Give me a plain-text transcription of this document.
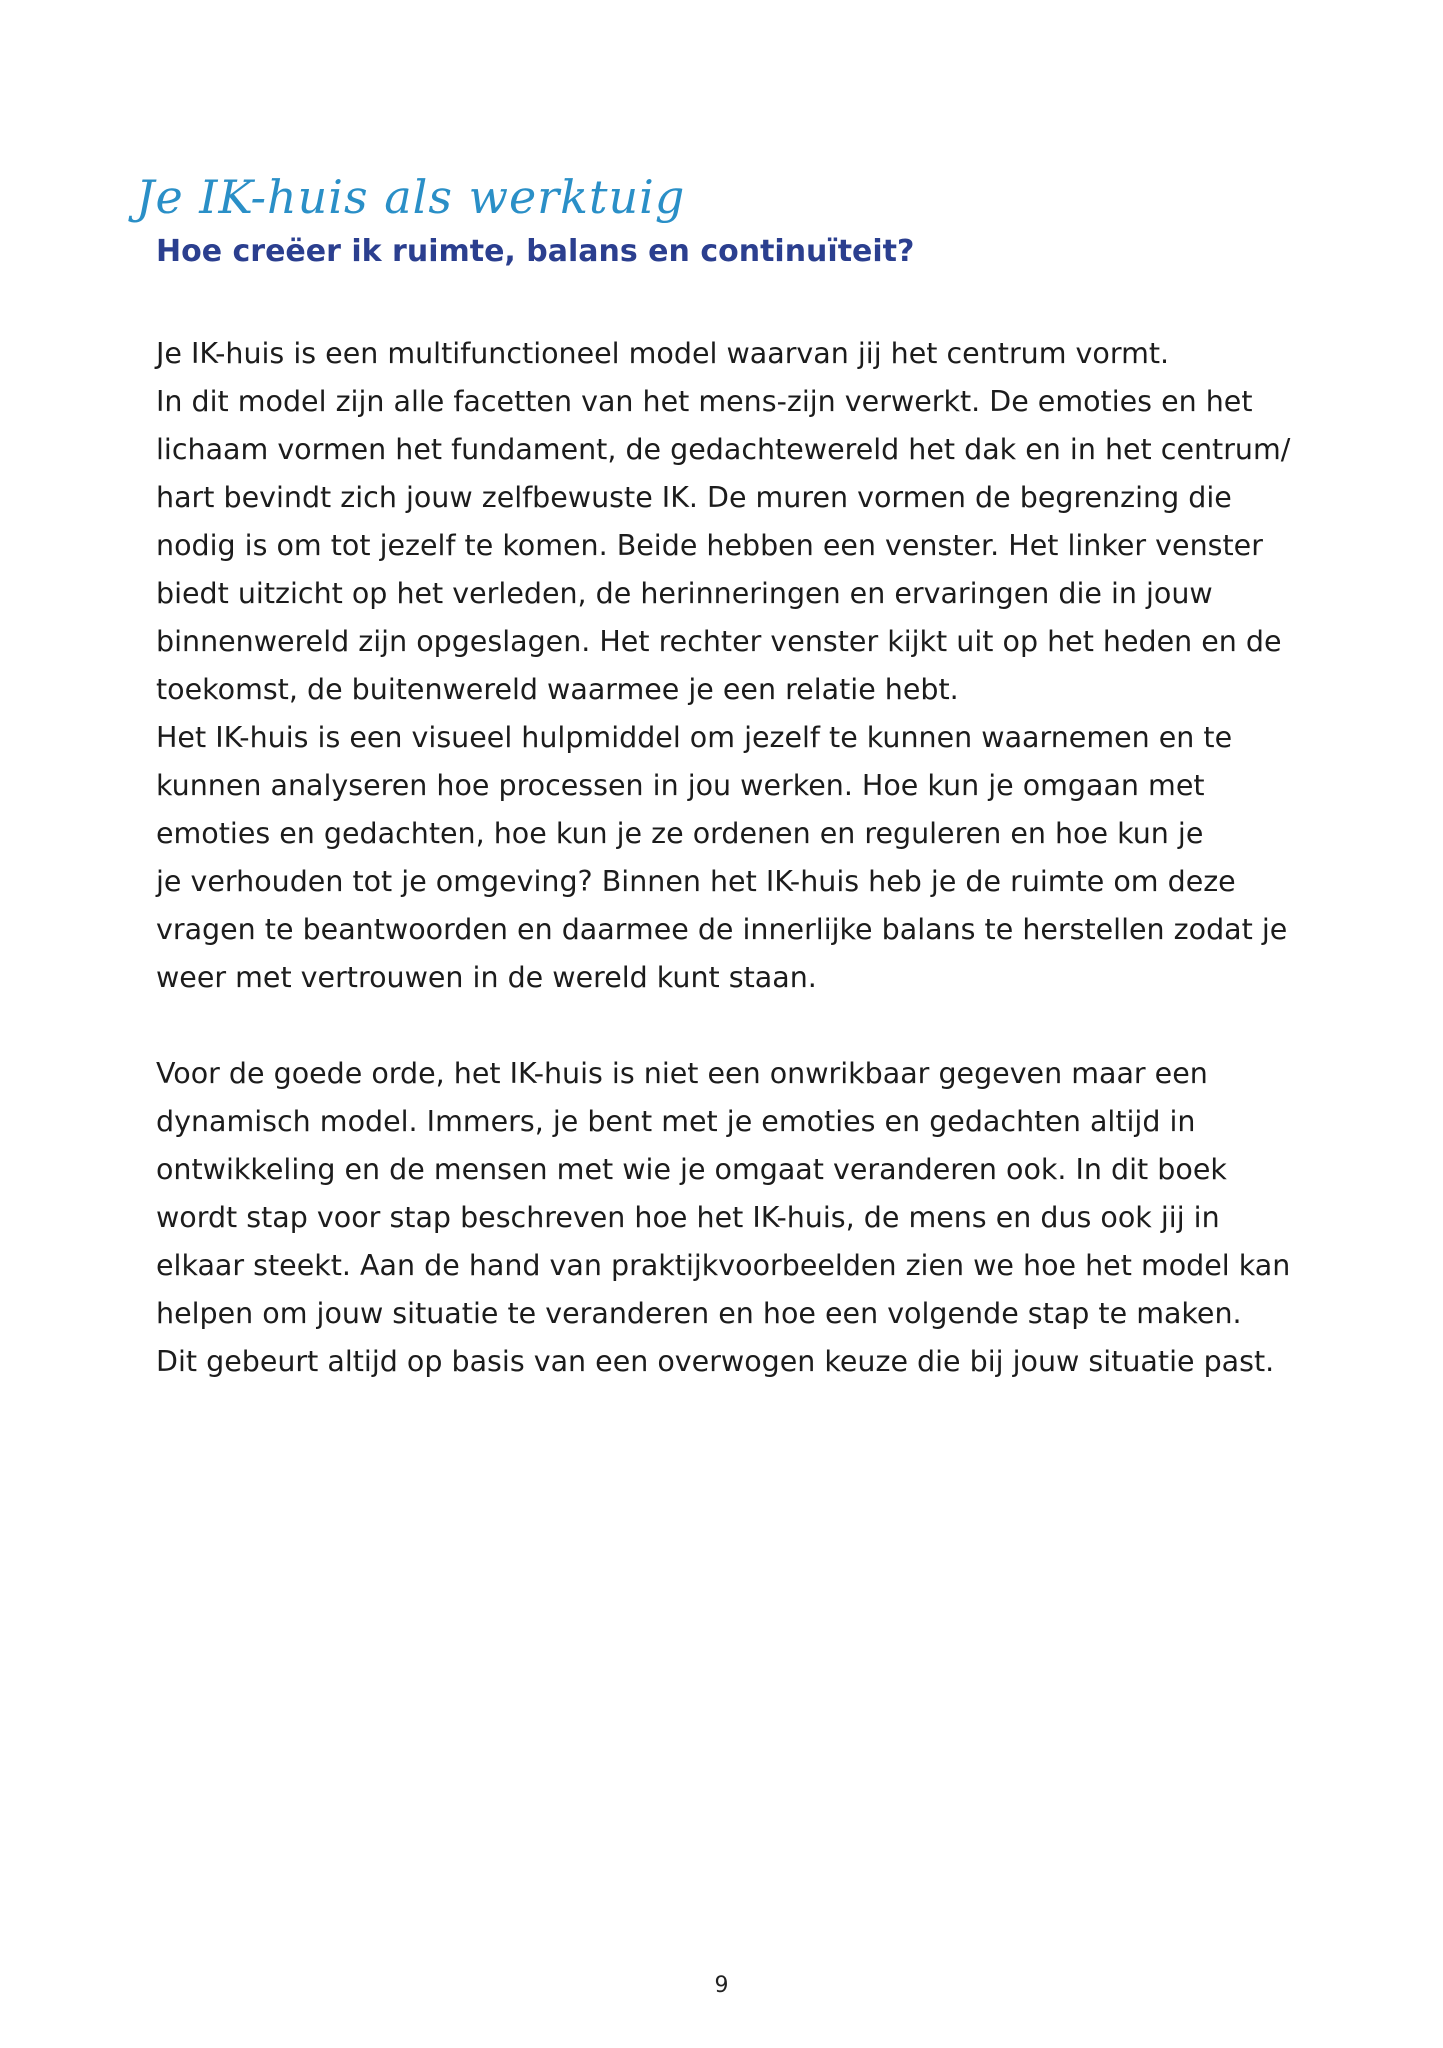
Je IK-huis als werktuig
Hoe creëer ik ruimte, balans en continuïteit?
Je IK-huis is een multifunctioneel model waarvan jij het centrum vormt.
In dit model zijn alle facetten van het mens-zijn verwerkt. De emoties en het
lichaam vormen het fundament, de gedachtewereld het dak en in het centrum/
hart bevindt zich jouw zelfbewuste IK. De muren vormen de begrenzing die
nodig is om tot jezelf te komen. Beide hebben een venster. Het linker venster
biedt uitzicht op het verleden, de herinneringen en ervaringen die in jouw
binnenwereld zijn opgeslagen. Het rechter venster kijkt uit op het heden en de
toekomst, de buitenwereld waarmee je een relatie hebt.
Het IK-huis is een visueel hulpmiddel om jezelf te kunnen waarnemen en te
kunnen analyseren hoe processen in jou werken. Hoe kun je omgaan met
emoties en gedachten, hoe kun je ze ordenen en reguleren en hoe kun je
je verhouden tot je omgeving? Binnen het IK-huis heb je de ruimte om deze
vragen te beantwoorden en daarmee de innerlijke balans te herstellen zodat je
weer met vertrouwen in de wereld kunt staan.
Voor de goede orde, het IK-huis is niet een onwrikbaar gegeven maar een
dynamisch model. Immers, je bent met je emoties en gedachten altijd in
ontwikkeling en de mensen met wie je omgaat veranderen ook. In dit boek
wordt stap voor stap beschreven hoe het IK-huis, de mens en dus ook jij in
elkaar steekt. Aan de hand van praktijkvoorbeelden zien we hoe het model kan
helpen om jouw situatie te veranderen en hoe een volgende stap te maken.
Dit gebeurt altijd op basis van een overwogen keuze die bij jouw situatie past.
9
